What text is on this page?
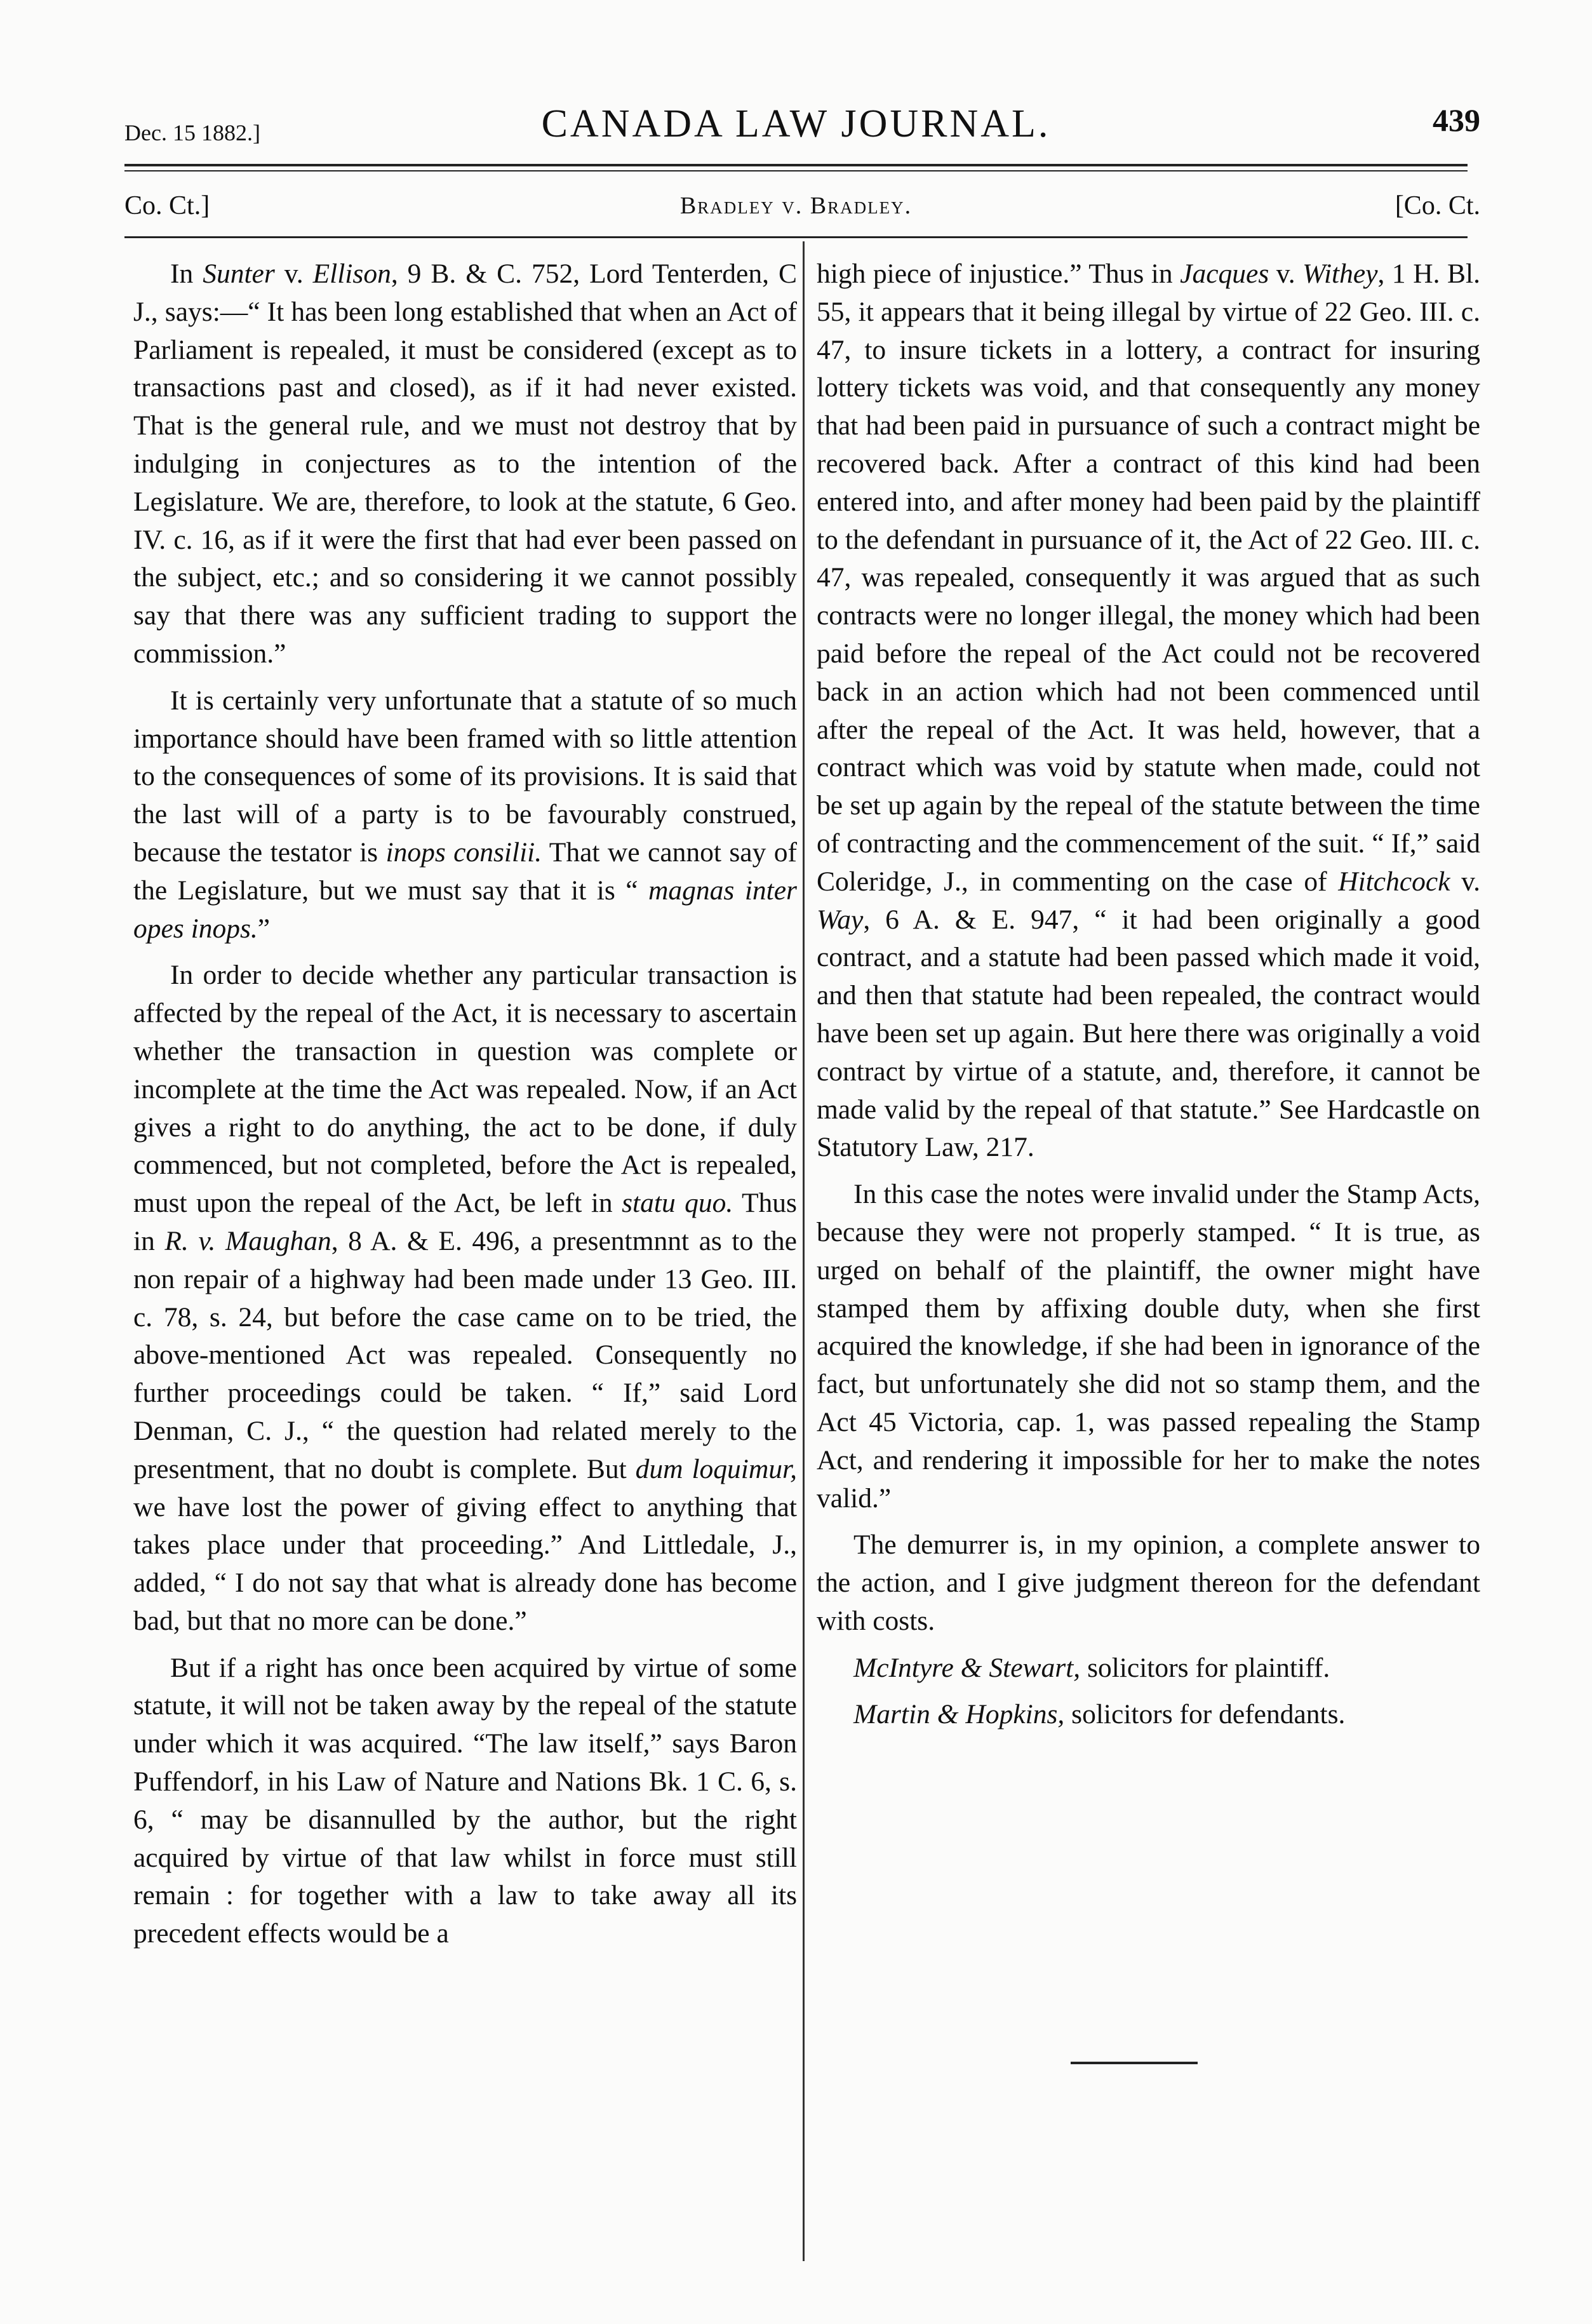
Dec. 15 1882.]	CANADA LAW JOURNAL.	439
Co. Ct.]	Bradley v. Bradley.	[Co. Ct.

In Sunter v. Ellison, 9 B. & C. 752, Lord Tenterden, C J., says:—“ It has been long established that when an Act of Parliament is repealed, it must be considered (except as to transactions past and closed), as if it had never existed. That is the general rule, and we must not destroy that by indulging in conjectures as to the intention of the Legislature. We are, therefore, to look at the statute, 6 Geo. IV. c. 16, as if it were the first that had ever been passed on the subject, etc.; and so considering it we cannot possibly say that there was any sufficient trading to support the commission.”

It is certainly very unfortunate that a statute of so much importance should have been framed with so little attention to the consequences of some of its provisions. It is said that the last will of a party is to be favourably construed, because the testator is inops consilii. That we cannot say of the Legislature, but we must say that it is “ magnas inter opes inops.”

In order to decide whether any particular transaction is affected by the repeal of the Act, it is necessary to ascertain whether the transaction in question was complete or incomplete at the time the Act was repealed. Now, if an Act gives a right to do anything, the act to be done, if duly commenced, but not completed, before the Act is repealed, must upon the repeal of the Act, be left in statu quo. Thus in R. v. Maughan, 8 A. & E. 496, a presentmnnt as to the non repair of a highway had been made under 13 Geo. III. c. 78, s. 24, but before the case came on to be tried, the above-mentioned Act was repealed. Consequently no further proceedings could be taken. “ If,” said Lord Denman, C. J., “ the question had related merely to the presentment, that no doubt is complete. But dum loquimur, we have lost the power of giving effect to anything that takes place under that proceeding.” And Littledale, J., added, “ I do not say that what is already done has become bad, but that no more can be done.”

But if a right has once been acquired by virtue of some statute, it will not be taken away by the repeal of the statute under which it was acquired. “The law itself,” says Baron Puffendorf, in his Law of Nature and Nations Bk. 1 C. 6, s. 6, “ may be disannulled by the author, but the right acquired by virtue of that law whilst in force must still remain : for together with a law to take away all its precedent effects would be a

high piece of injustice.” Thus in Jacques v. Withey, 1 H. Bl. 55, it appears that it being illegal by virtue of 22 Geo. III. c. 47, to insure tickets in a lottery, a contract for insuring lottery tickets was void, and that consequently any money that had been paid in pursuance of such a contract might be recovered back. After a contract of this kind had been entered into, and after money had been paid by the plaintiff to the defendant in pursuance of it, the Act of 22 Geo. III. c. 47, was repealed, consequently it was argued that as such contracts were no longer illegal, the money which had been paid before the repeal of the Act could not be recovered back in an action which had not been commenced until after the repeal of the Act. It was held, however, that a contract which was void by statute when made, could not be set up again by the repeal of the statute between the time of contracting and the commencement of the suit. “ If,” said Coleridge, J., in commenting on the case of Hitchcock v. Way, 6 A. & E. 947, “ it had been originally a good contract, and a statute had been passed which made it void, and then that statute had been repealed, the contract would have been set up again. But here there was originally a void contract by virtue of a statute, and, therefore, it cannot be made valid by the repeal of that statute.” See Hardcastle on Statutory Law, 217.

In this case the notes were invalid under the Stamp Acts, because they were not properly stamped. “ It is true, as urged on behalf of the plaintiff, the owner might have stamped them by affixing double duty, when she first acquired the knowledge, if she had been in ignorance of the fact, but unfortunately she did not so stamp them, and the Act 45 Victoria, cap. 1, was passed repealing the Stamp Act, and rendering it impossible for her to make the notes valid.”

The demurrer is, in my opinion, a complete answer to the action, and I give judgment thereon for the defendant with costs.

McIntyre & Stewart, solicitors for plaintiff.

Martin & Hopkins, solicitors for defendants.
